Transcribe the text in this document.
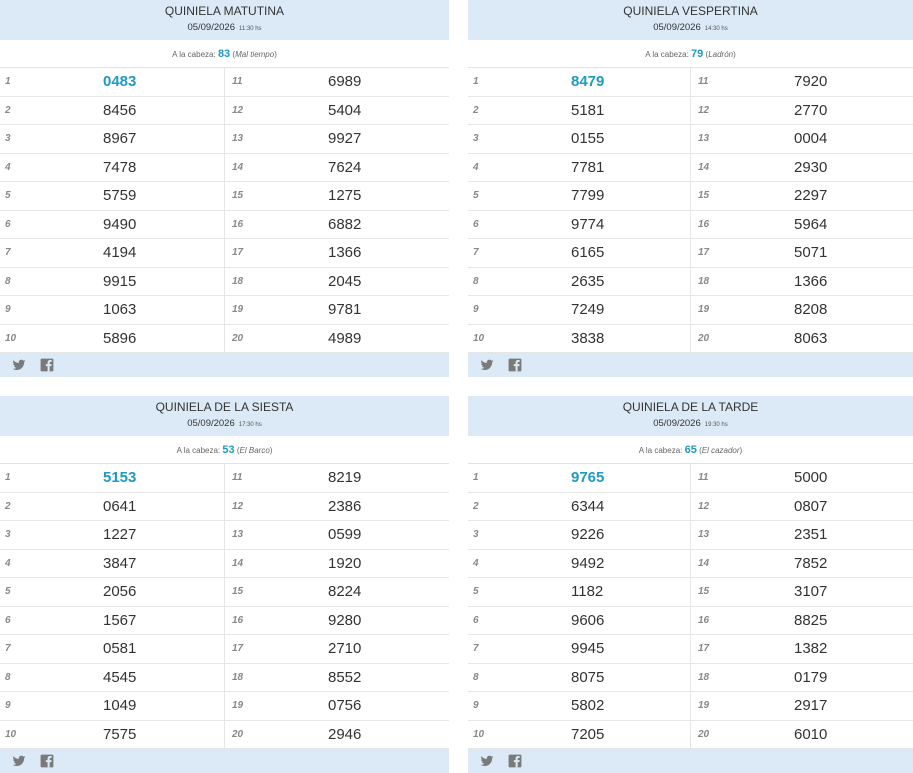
QUINIELA MATUTINA
05/09/2026 11:30 hs
A la cabeza: 83 (Mal tiempo)
1	0483	11	6989
2	8456	12	5404
3	8967	13	9927
4	7478	14	7624
5	5759	15	1275
6	9490	16	6882
7	4194	17	1366
8	9915	18	2045
9	1063	19	9781
10	5896	20	4989
QUINIELA VESPERTINA
05/09/2026 14:30 hs
A la cabeza: 79 (Ladrón)
1	8479	11	7920
2	5181	12	2770
3	0155	13	0004
4	7781	14	2930
5	7799	15	2297
6	9774	16	5964
7	6165	17	5071
8	2635	18	1366
9	7249	19	8208
10	3838	20	8063
QUINIELA DE LA SIESTA
05/09/2026 17:30 hs
A la cabeza: 53 (El Barco)
1	5153	11	8219
2	0641	12	2386
3	1227	13	0599
4	3847	14	1920
5	2056	15	8224
6	1567	16	9280
7	0581	17	2710
8	4545	18	8552
9	1049	19	0756
10	7575	20	2946
QUINIELA DE LA TARDE
05/09/2026 19:30 hs
A la cabeza: 65 (El cazador)
1	9765	11	5000
2	6344	12	0807
3	9226	13	2351
4	9492	14	7852
5	1182	15	3107
6	9606	16	8825
7	9945	17	1382
8	8075	18	0179
9	5802	19	2917
10	7205	20	6010
